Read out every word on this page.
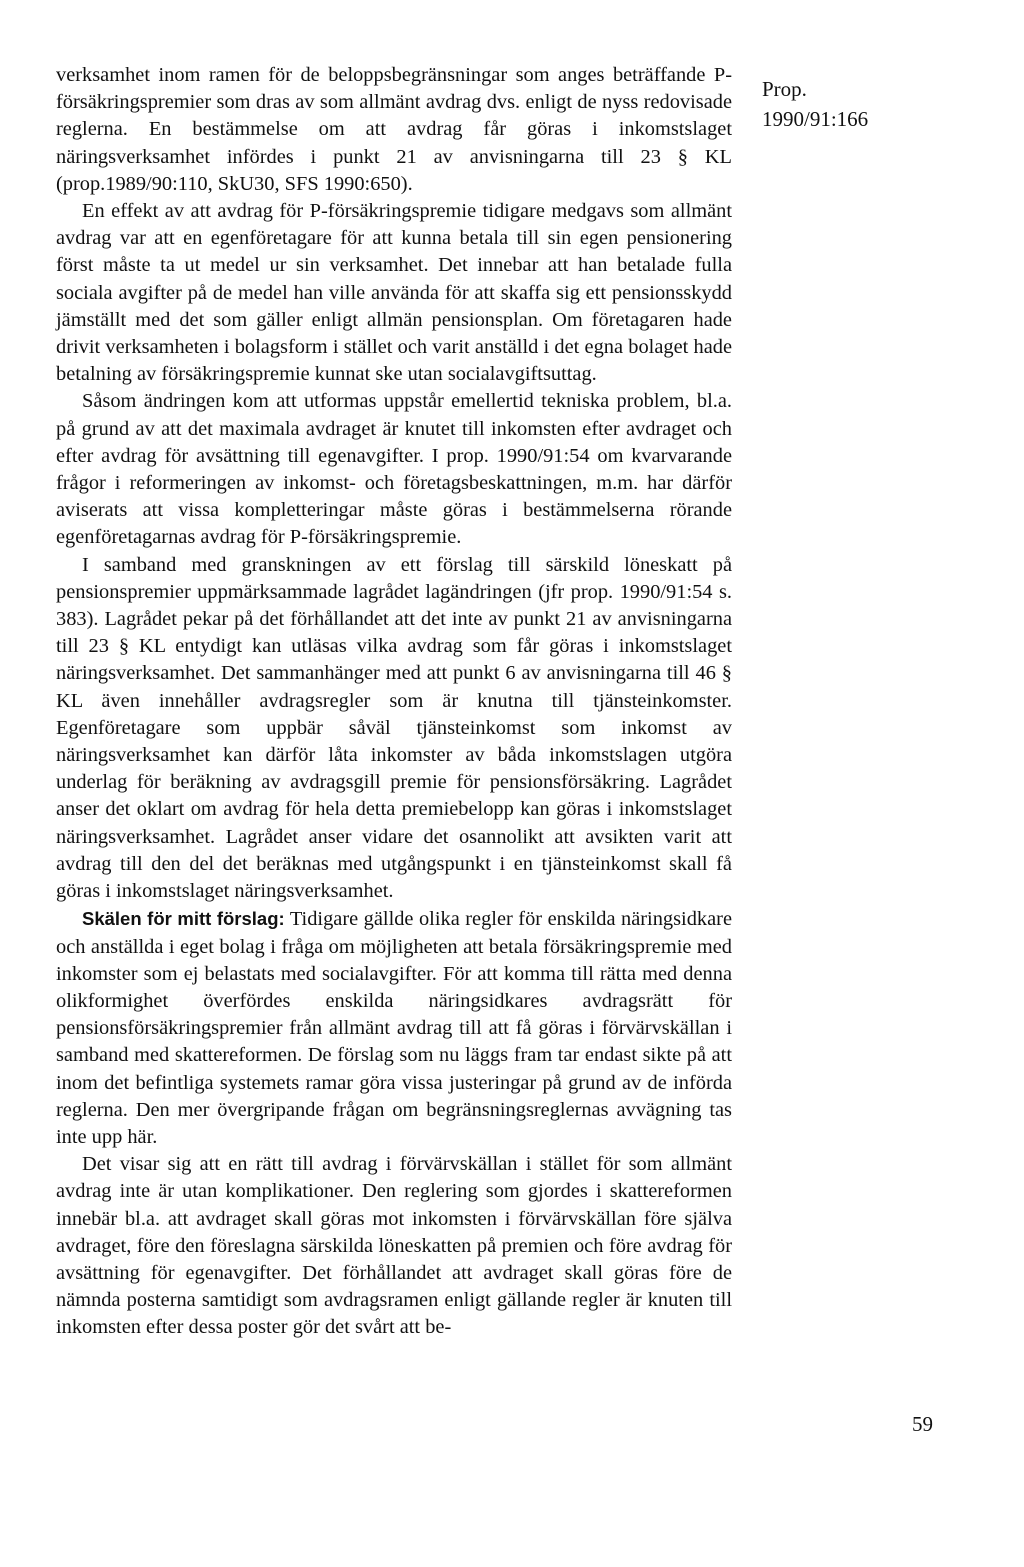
Prop.
1990/91:166

verksamhet inom ramen för de beloppsbegränsningar som anges beträffande P-försäkringspremier som dras av som allmänt avdrag dvs. enligt de nyss redovisade reglerna. En bestämmelse om att avdrag får göras i inkomstslaget näringsverksamhet infördes i punkt 21 av anvisningarna till 23 § KL (prop.1989/90:110, SkU30, SFS 1990:650).

En effekt av att avdrag för P-försäkringspremie tidigare medgavs som allmänt avdrag var att en egenföretagare för att kunna betala till sin egen pensionering först måste ta ut medel ur sin verksamhet. Det innebar att han betalade fulla sociala avgifter på de medel han ville använda för att skaffa sig ett pensionsskydd jämställt med det som gäller enligt allmän pensionsplan. Om företagaren hade drivit verksamheten i bolagsform i stället och varit anställd i det egna bolaget hade betalning av försäkringspremie kunnat ske utan socialavgiftsuttag.

Såsom ändringen kom att utformas uppstår emellertid tekniska problem, bl.a. på grund av att det maximala avdraget är knutet till inkomsten efter avdraget och efter avdrag för avsättning till egenavgifter. I prop. 1990/91:54 om kvarvarande frågor i reformeringen av inkomst- och företagsbeskattningen, m.m. har därför aviserats att vissa kompletteringar måste göras i bestämmelserna rörande egenföretagarnas avdrag för P-försäkringspremie.

I samband med granskningen av ett förslag till särskild löneskatt på pensionspremier uppmärksammade lagrådet lagändringen (jfr prop. 1990/91:54 s. 383). Lagrådet pekar på det förhållandet att det inte av punkt 21 av anvisningarna till 23 § KL entydigt kan utläsas vilka avdrag som får göras i inkomstslaget näringsverksamhet. Det sammanhänger med att punkt 6 av anvisningarna till 46 § KL även innehåller avdragsregler som är knutna till tjänsteinkomster. Egenföretagare som uppbär såväl tjänsteinkomst som inkomst av näringsverksamhet kan därför låta inkomster av båda inkomstslagen utgöra underlag för beräkning av avdragsgill premie för pensionsförsäkring. Lagrådet anser det oklart om avdrag för hela detta premiebelopp kan göras i inkomstslaget näringsverksamhet. Lagrådet anser vidare det osannolikt att avsikten varit att avdrag till den del det beräknas med utgångspunkt i en tjänsteinkomst skall få göras i inkomstslaget näringsverksamhet.

Skälen för mitt förslag: Tidigare gällde olika regler för enskilda näringsidkare och anställda i eget bolag i fråga om möjligheten att betala försäkringspremie med inkomster som ej belastats med socialavgifter. För att komma till rätta med denna olikformighet överfördes enskilda näringsidkares avdragsrätt för pensionsförsäkringspremier från allmänt avdrag till att få göras i förvärvskällan i samband med skattereformen. De förslag som nu läggs fram tar endast sikte på att inom det befintliga systemets ramar göra vissa justeringar på grund av de införda reglerna. Den mer övergripande frågan om begränsningsreglernas avvägning tas inte upp här.

Det visar sig att en rätt till avdrag i förvärvskällan i stället för som allmänt avdrag inte är utan komplikationer. Den reglering som gjordes i skattereformen innebär bl.a. att avdraget skall göras mot inkomsten i förvärvskällan före själva avdraget, före den föreslagna särskilda löneskatten på premien och före avdrag för avsättning för egenavgifter. Det förhållandet att avdraget skall göras före de nämnda posterna samtidigt som avdragsramen enligt gällande regler är knuten till inkomsten efter dessa poster gör det svårt att be-

59
